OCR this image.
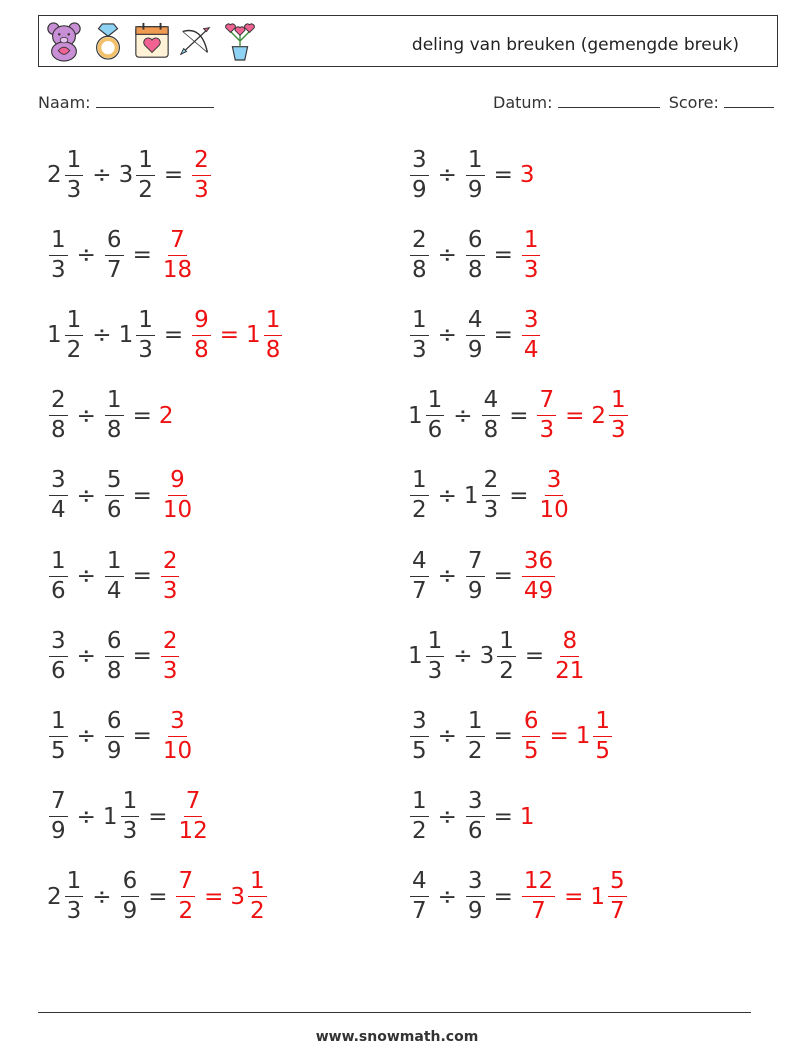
deling van breuken (gemengde breuk)
Naam:	Datum:	Score:
$2 \frac{1}{3} \div 3 \frac{1}{2} = \frac{2}{3}$	$\frac{3}{9} \div \frac{1}{9} = 3$
$\frac{1}{3} \div \frac{6}{7} = \frac{7}{18}$	$\frac{2}{8} \div \frac{6}{8} = \frac{1}{3}$
$1 \frac{1}{2} \div 1 \frac{1}{3} = \frac{9}{8} = 1 \frac{1}{8}$	$\frac{1}{3} \div \frac{4}{9} = \frac{3}{4}$
$\frac{2}{8} \div \frac{1}{8} = 2$	$1 \frac{1}{6} \div \frac{4}{8} = \frac{7}{3} = 2 \frac{1}{3}$
$\frac{3}{4} \div \frac{5}{6} = \frac{9}{10}$	$\frac{1}{2} \div 1 \frac{2}{3} = \frac{3}{10}$
$\frac{1}{6} \div \frac{1}{4} = \frac{2}{3}$	$\frac{4}{7} \div \frac{7}{9} = \frac{36}{49}$
$\frac{3}{6} \div \frac{6}{8} = \frac{2}{3}$	$1 \frac{1}{3} \div 3 \frac{1}{2} = \frac{8}{21}$
$\frac{1}{5} \div \frac{6}{9} = \frac{3}{10}$	$\frac{3}{5} \div \frac{1}{2} = \frac{6}{5} = 1 \frac{1}{5}$
$\frac{7}{9} \div 1 \frac{1}{3} = \frac{7}{12}$	$\frac{1}{2} \div \frac{3}{6} = 1$
$2 \frac{1}{3} \div \frac{6}{9} = \frac{7}{2} = 3 \frac{1}{2}$	$\frac{4}{7} \div \frac{3}{9} = \frac{12}{7} = 1 \frac{5}{7}$
www.snowmath.com
